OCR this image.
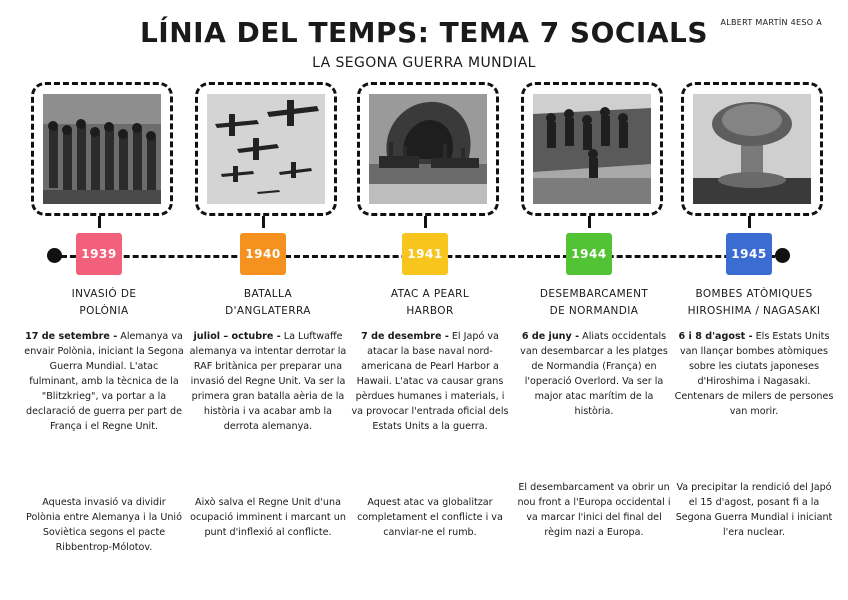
ALBERT MARTÍN 4ESO A
LÍNIA DEL TEMPS: TEMA 7 SOCIALS
LA SEGONA GUERRA MUNDIAL
1939
INVASIÓ DE
POLÒNIA
17 de setembre - Alemanya va envair Polònia, iniciant la Segona Guerra Mundial. L'atac fulminant, amb la tècnica de la "Blitzkrieg", va portar a la declaració de guerra per part de França i el Regne Unit.
Aquesta invasió va dividir Polònia entre Alemanya i la Unió Soviètica segons el pacte Ribbentrop-Mólotov.
1940
BATALLA
D'ANGLATERRA
juliol – octubre - La Luftwaffe alemanya va intentar derrotar la RAF britànica per preparar una invasió del Regne Unit. Va ser la primera gran batalla aèria de la història i va acabar amb la derrota alemanya.
Això salva el Regne Unit d'una ocupació imminent i marcant un punt d'inflexió al conflicte.
1941
ATAC A PEARL
HARBOR
7 de desembre - El Japó va atacar la base naval nord-americana de Pearl Harbor a Hawaii. L'atac va causar grans pèrdues humanes i materials, i va provocar l'entrada oficial dels Estats Units a la guerra.
Aquest atac va globalitzar completament el conflicte i va canviar-ne el rumb.
1944
DESEMBARCAMENT
DE NORMANDIA
6 de juny - Aliats occidentals van desembarcar a les platges de Normandia (França) en l'operació Overlord. Va ser la major atac marítim de la història.
El desembarcament va obrir un nou front a l'Europa occidental i va marcar l'inici del final del règim nazi a Europa.
1945
BOMBES ATÒMIQUES
HIROSHIMA / NAGASAKI
6 i 8 d'agost - Els Estats Units van llançar bombes atòmiques sobre les ciutats japoneses d'Hiroshima i Nagasaki. Centenars de milers de persones van morir.
Va precipitar la rendició del Japó el 15 d'agost, posant fi a la Segona Guerra Mundial i iniciant l'era nuclear.
